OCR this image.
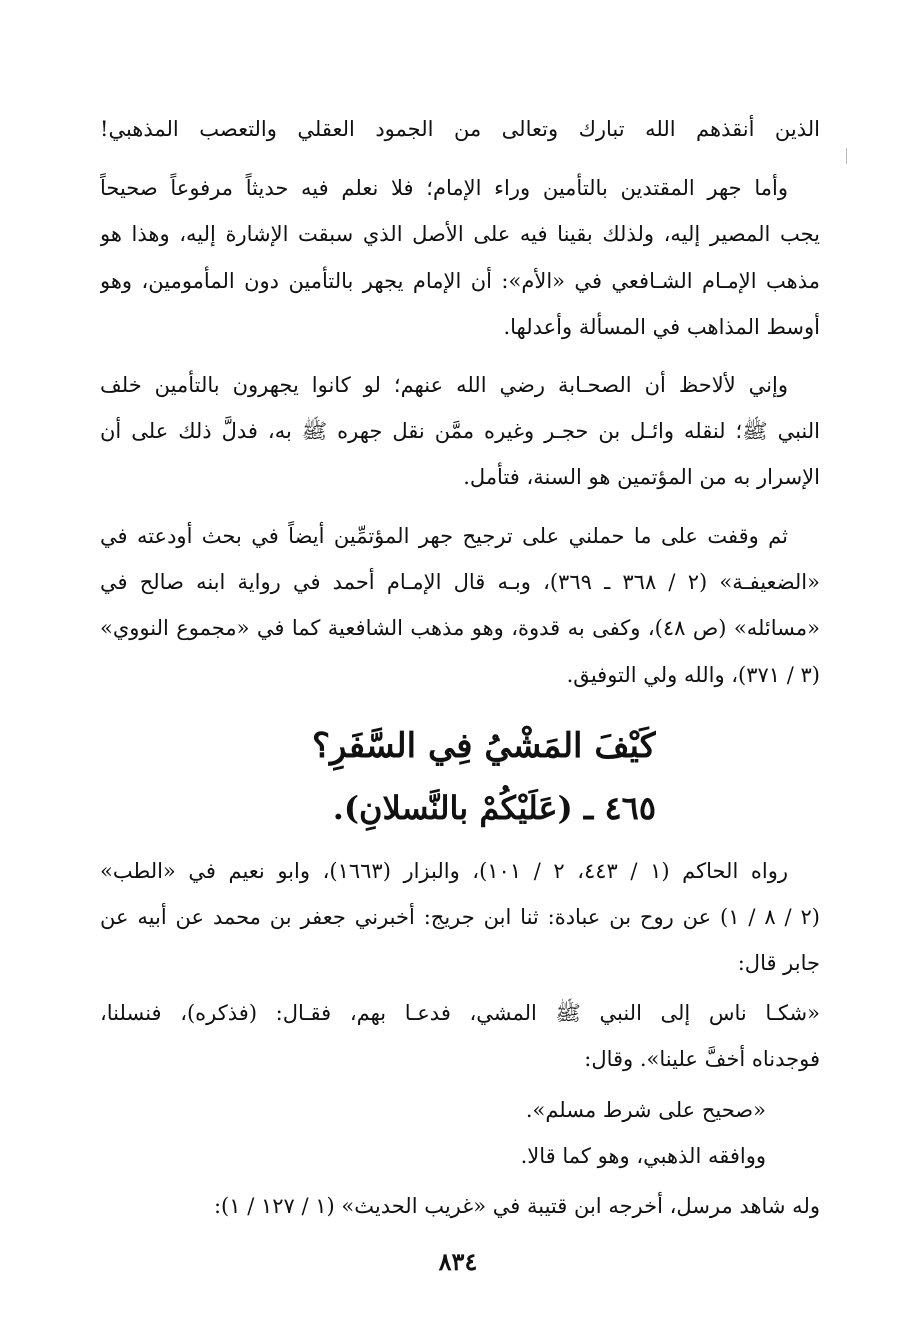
الذين أنقذهم الله تبارك وتعالى من الجمود العقلي والتعصب المذهبي!
وأما جهر المقتدين بالتأمين وراء الإمام؛ فلا نعلم فيه حديثاً مرفوعاً صحيحاً
يجب المصير إليه، ولذلك بقينا فيه على الأصل الذي سبقت الإشارة إليه، وهذا هو
مذهب الإمـام الشـافعي في «الأم»: أن الإمام يجهر بالتأمين دون المأمومين، وهو
أوسط المذاهب في المسألة وأعدلها.
وإني لألاحظ أن الصحـابة رضي الله عنهم؛ لو كانوا يجهرون بالتأمين خلف
النبي ﷺ؛ لنقله وائـل بن حجـر وغيره ممَّن نقل جهره ﷺ به، فدلَّ ذلك على أن
الإسرار به من المؤتمين هو السنة، فتأمل.
ثم وقفت على ما حملني على ترجيح جهر المؤتمِّين أيضاً في بحث أودعته في
«الضعيفـة» (٢ / ٣٦٨ ـ ٣٦٩)، وبـه قال الإمـام أحمد في رواية ابنه صالح في
«مسائله» (ص ٤٨)، وكفى به قدوة، وهو مذهب الشافعية كما في «مجموع النووي»
(٣ / ٣٧١)، والله ولي التوفيق.
كَيْفَ المَشْيُ فِي السَّفَرِ؟
٤٦٥ ـ (عَلَيْكُمْ بالنَّسلانِ).
رواه الحاكم (١ / ٤٤٣، ٢ / ١٠١)، والبزار (١٦٦٣)، وابو نعيم في «الطب»
(٢ / ٨ / ١) عن روح بن عبادة: ثنا ابن جريج: أخبرني جعفر بن محمد عن أبيه عن
جابر قال:
«شكـا ناس إلى النبي ﷺ المشي، فدعـا بهم، فقـال: (فذكره)، فنسلنا،
فوجدناه أخفَّ علينا». وقال:
«صحيح على شرط مسلم».
ووافقه الذهبي، وهو كما قالا.
وله شاهد مرسل، أخرجه ابن قتيبة في «غريب الحديث» (١ / ١٢٧ / ١):
٨٣٤
